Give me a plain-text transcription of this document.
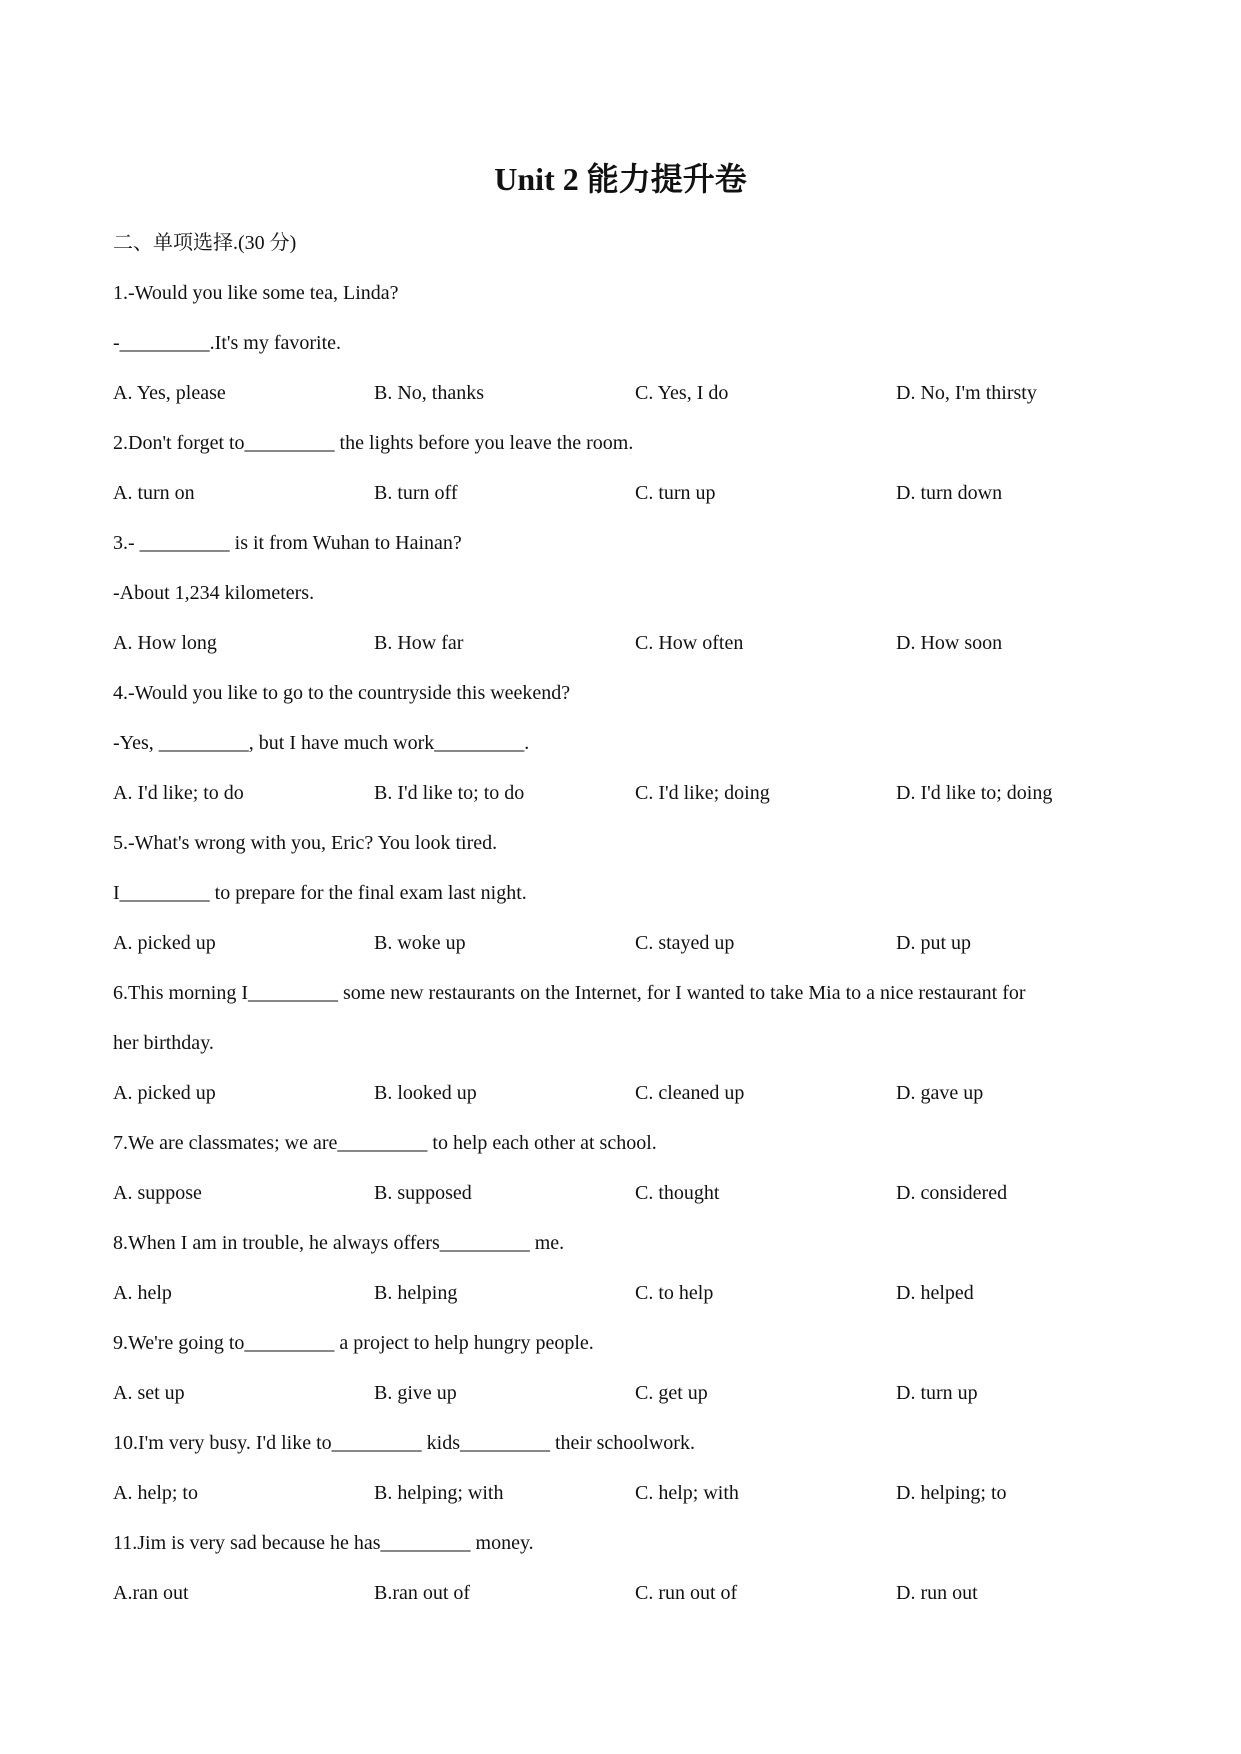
Unit 2 能力提升卷
二、单项选择.(30 分)
1.-Would you like some tea, Linda?
-_________.It's my favorite.
A. Yes, please	B. No, thanks	C. Yes, I do	D. No, I'm thirsty
2.Don't forget to_________ the lights before you leave the room.
A. turn on	B. turn off	C. turn up	D. turn down
3.- _________ is it from Wuhan to Hainan?
-About 1,234 kilometers.
A. How long	B. How far	C. How often	D. How soon
4.-Would you like to go to the countryside this weekend?
-Yes, _________, but I have much work_________.
A. I'd like; to do	B. I'd like to; to do	C. I'd like; doing	D. I'd like to; doing
5.-What's wrong with you, Eric? You look tired.
I_________ to prepare for the final exam last night.
A. picked up	B. woke up	C. stayed up	D. put up
6.This morning I_________ some new restaurants on the Internet, for I wanted to take Mia to a nice restaurant for
her birthday.
A. picked up	B. looked up	C. cleaned up	D. gave up
7.We are classmates; we are_________ to help each other at school.
A. suppose	B. supposed	C. thought	D. considered
8.When I am in trouble, he always offers_________ me.
A. help	B. helping	C. to help	D. helped
9.We're going to_________ a project to help hungry people.
A. set up	B. give up	C. get up	D. turn up
10.I'm very busy. I'd like to_________ kids_________ their schoolwork.
A. help; to	B. helping; with	C. help; with	D. helping; to
11.Jim is very sad because he has_________ money.
A.ran out	B.ran out of	C. run out of	D. run out
